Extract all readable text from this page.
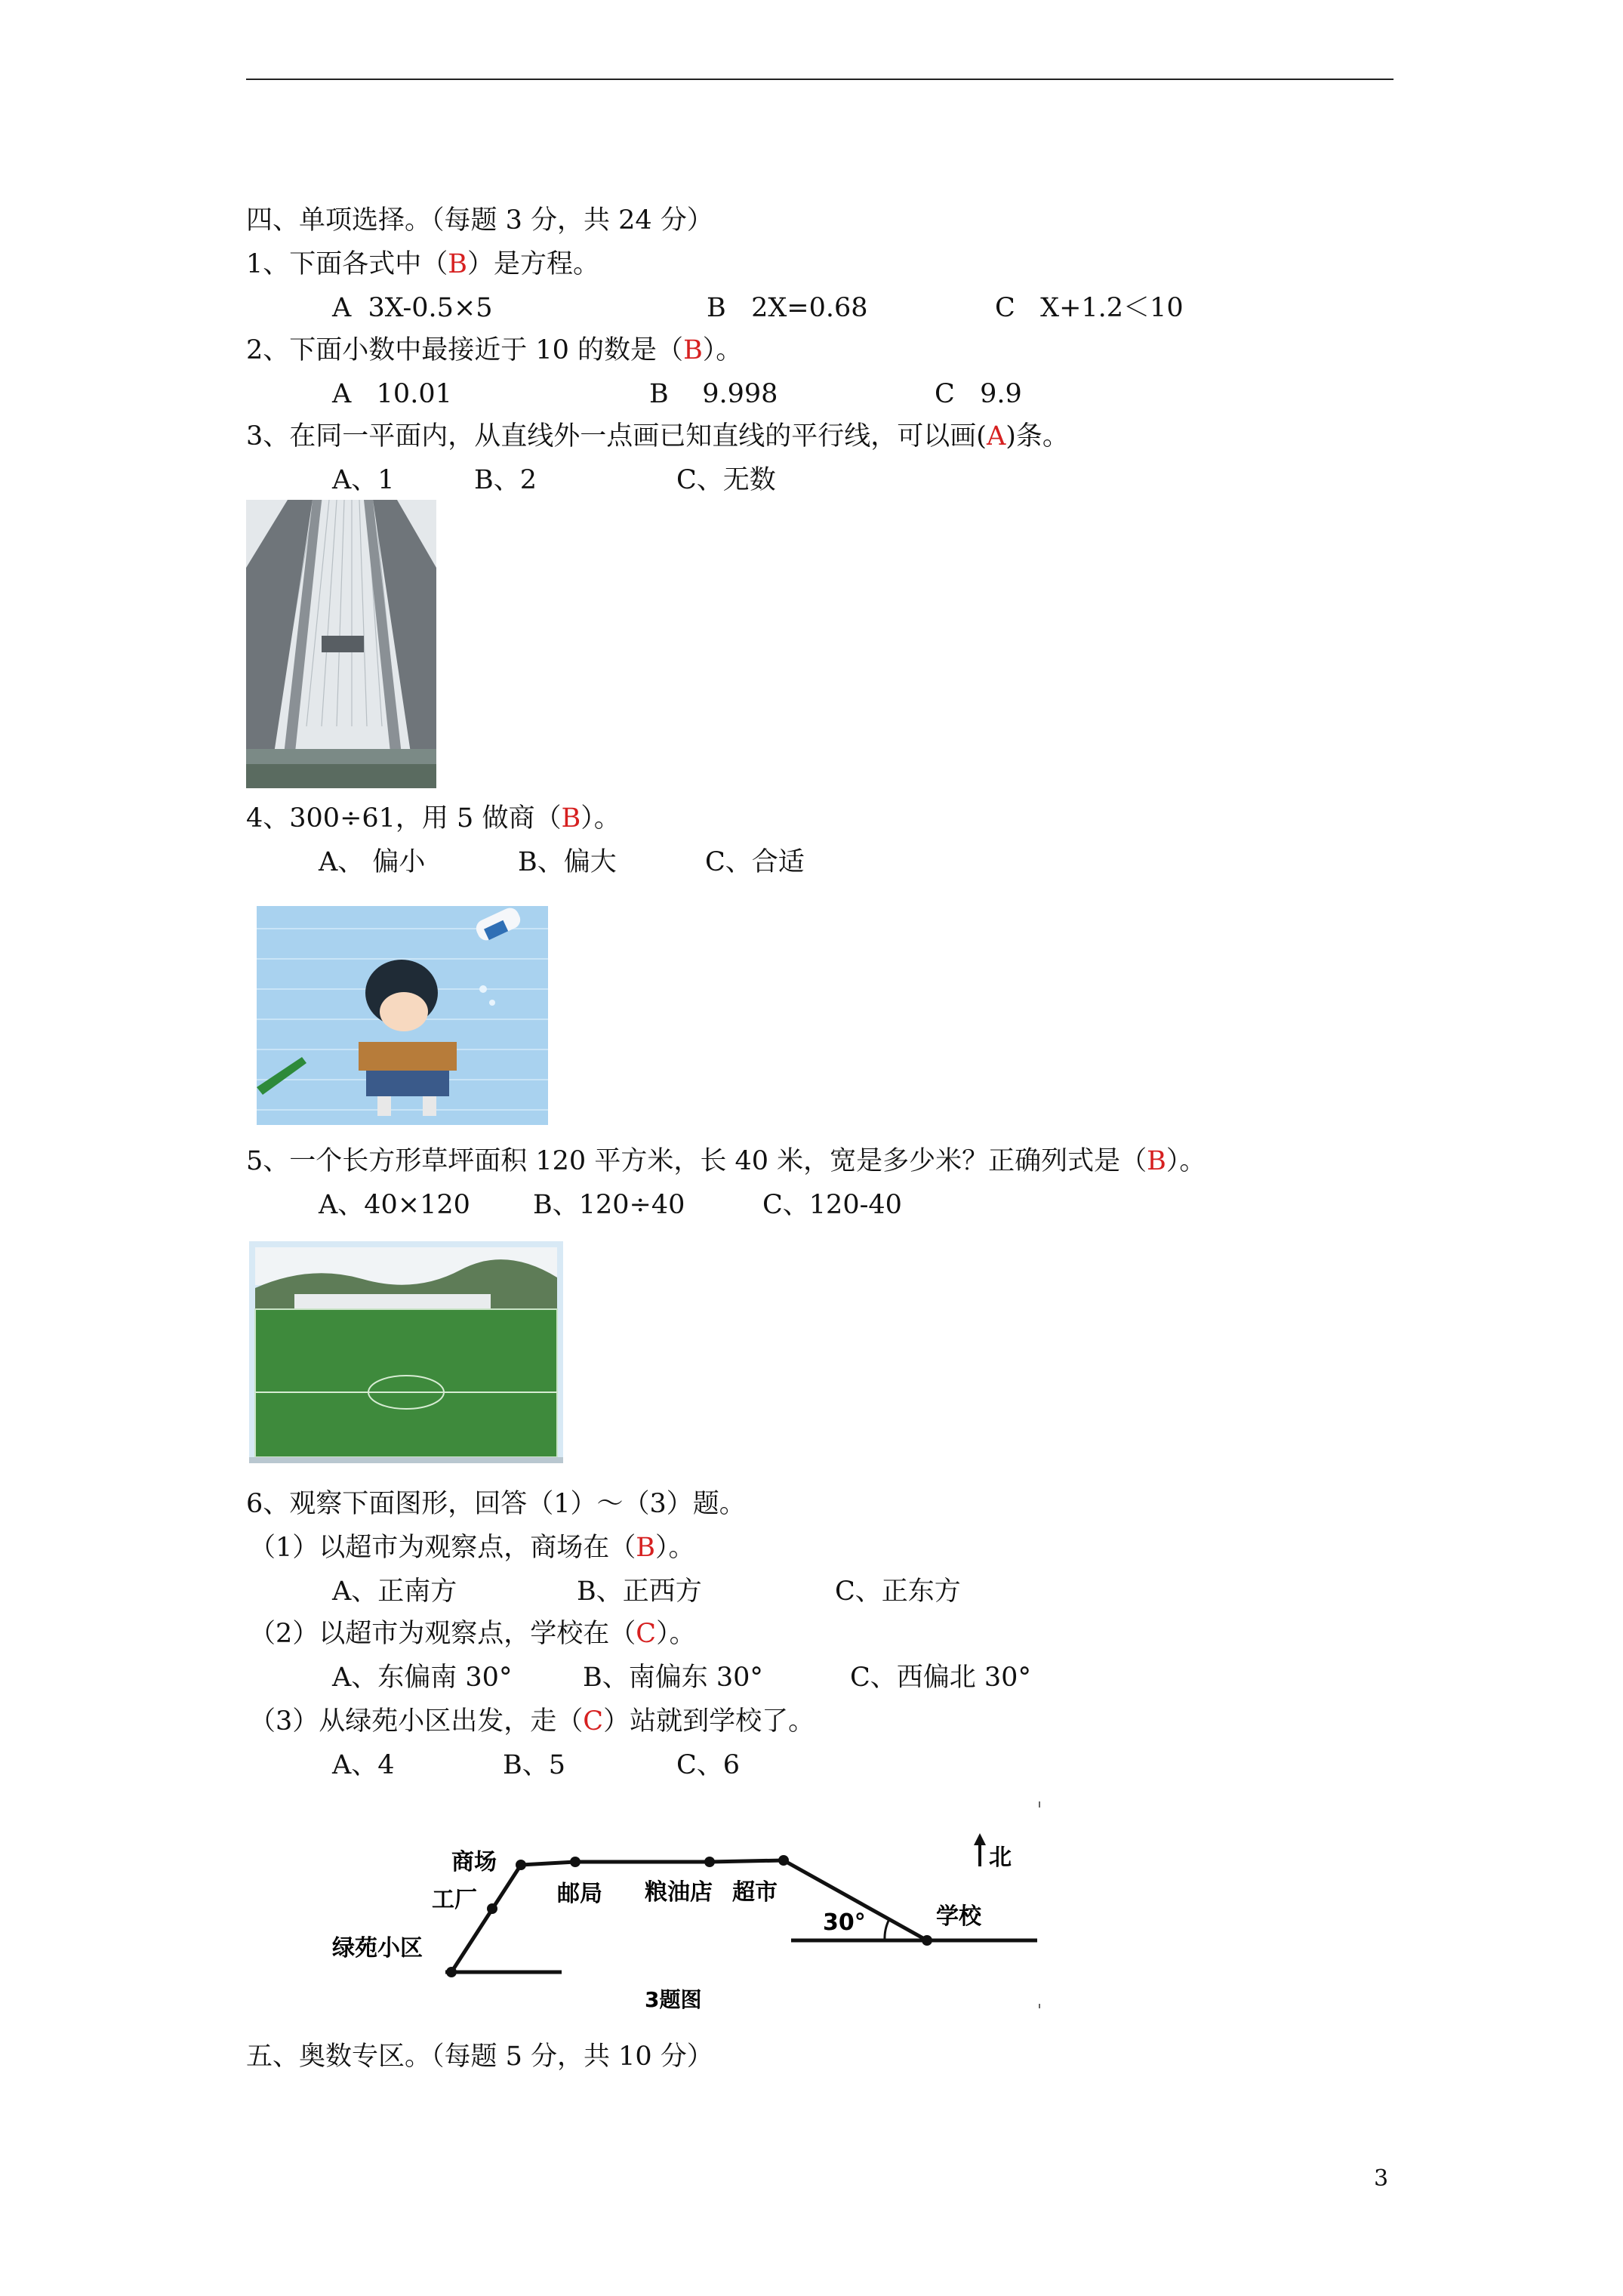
四、单项选择。（每题 3 分，共 24 分）
1、下面各式中（B）是方程。
A  3X-0.5×5	B   2X=0.68	C   X+1.2＜10
2、下面小数中最接近于 10 的数是（B）。
A   10.01	B    9.998	C   9.9
3、在同一平面内，从直线外一点画已知直线的平行线，可以画(A)条。
A、1	B、2	C、无数
4、300÷61，用 5 做商（B）。
A、 偏小	B、偏大	C、合适
5、一个长方形草坪面积 120 平方米，长 40 米，宽是多少米？正确列式是（B）。
A、40×120 B、120÷40	C、120-40
6、观察下面图形，回答（1）～（3）题。
（1）以超市为观察点，商场在（B）。
A、正南方	B、正西方	C、正东方
（2）以超市为观察点，学校在（C）。
A、东偏南 30°	B、南偏东 30°	C、西偏北 30°
（3）从绿苑小区出发，走（C）站就到学校了。
A、4	B、5	C、6
商场
工厂
绿苑小区
邮局 粮油店 超市
学校
30°
北
3题图
五、奥数专区。（每题 5 分，共 10 分）
3
